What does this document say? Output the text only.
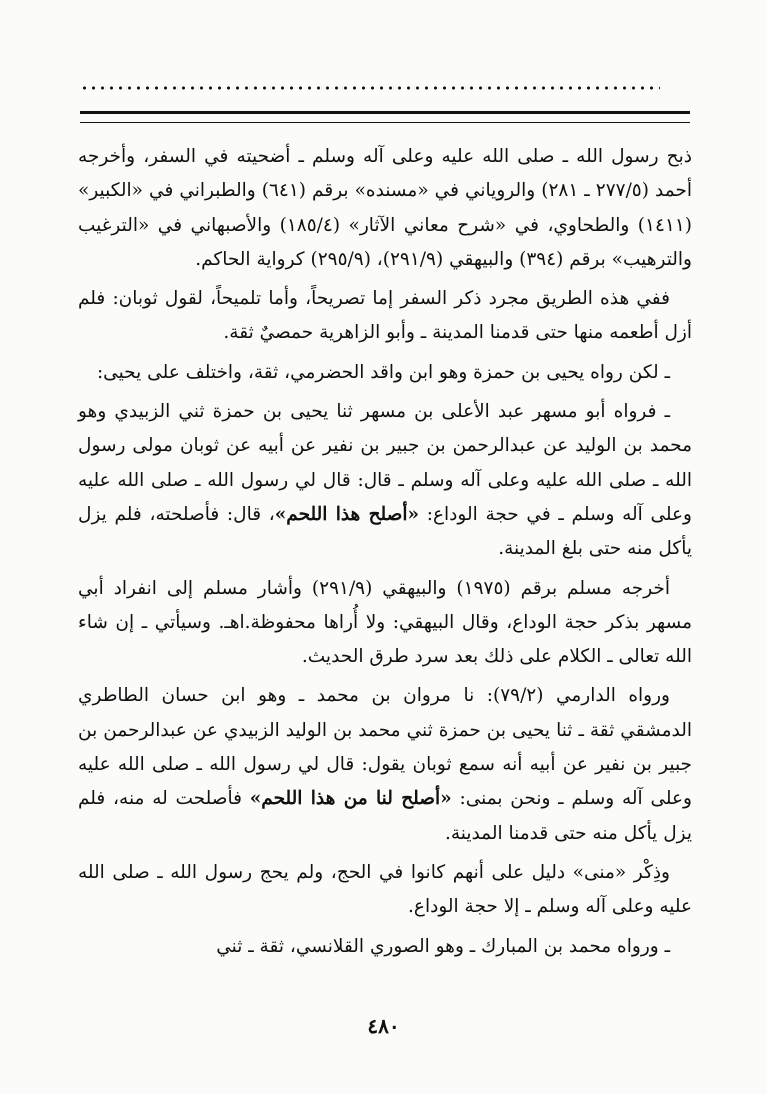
ذبح رسول الله ـ صلى الله عليه وعلى آله وسلم ـ أضحيته في السفر، وأخرجه أحمد (٢٧٧/٥ ـ ٢٨١) والروياني في «مسنده» برقم (٦٤١) والطبراني في «الكبير» (١٤١١) والطحاوي، في «شرح معاني الآثار» (١٨٥/٤) والأصبهاني في «الترغيب والترهيب» برقم (٣٩٤) والبيهقي (٢٩١/٩)، (٢٩٥/٩) كرواية الحاكم.

ففي هذه الطريق مجرد ذكر السفر إما تصريحاً، وأما تلميحاً، لقول ثوبان: فلم أزل أطعمه منها حتى قدمنا المدينة ـ وأبو الزاهرية حمصيٌ ثقة.

ـ لكن رواه يحيى بن حمزة وهو ابن واقد الحضرمي، ثقة، واختلف على يحيى:

ـ فرواه أبو مسهر عبد الأعلى بن مسهر ثنا يحيى بن حمزة ثني الزبيدي وهو محمد بن الوليد عن عبدالرحمن بن جبير بن نفير عن أبيه عن ثوبان مولى رسول الله ـ صلى الله عليه وعلى آله وسلم ـ قال: قال لي رسول الله ـ صلى الله عليه وعلى آله وسلم ـ في حجة الوداع: «أصلح هذا اللحم»، قال: فأصلحته، فلم يزل يأكل منه حتى بلغ المدينة.

أخرجه مسلم برقم (١٩٧٥) والبيهقي (٢٩١/٩) وأشار مسلم إلى انفراد أبي مسهر بذكر حجة الوداع، وقال البيهقي: ولا أُراها محفوظة.اهـ. وسيأتي ـ إن شاء الله تعالى ـ الكلام على ذلك بعد سرد طرق الحديث.

ورواه الدارمي (٧٩/٢): نا مروان بن محمد ـ وهو ابن حسان الطاطري الدمشقي ثقة ـ ثنا يحيى بن حمزة ثني محمد بن الوليد الزبيدي عن عبدالرحمن بن جبير بن نفير عن أبيه أنه سمع ثوبان يقول: قال لي رسول الله ـ صلى الله عليه وعلى آله وسلم ـ ونحن بمنى: «أصلح لنا من هذا اللحم» فأصلحت له منه، فلم يزل يأكل منه حتى قدمنا المدينة.

وذِكْر «منى» دليل على أنهم كانوا في الحج، ولم يحج رسول الله ـ صلى الله عليه وعلى آله وسلم ـ إلا حجة الوداع.

ـ ورواه محمد بن المبارك ـ وهو الصوري القلانسي، ثقة ـ ثني

٤٨٠
